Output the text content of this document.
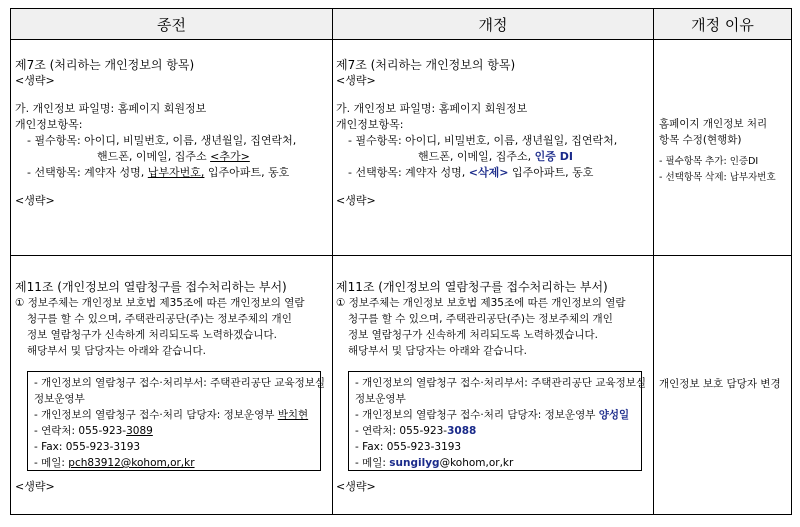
종전	개정	개정 이유
제7조 (처리하는 개인정보의 항목)
<생략>
가. 개인정보 파일명: 홈페이지 회원정보
개인정보항목:
- 필수항목: 아이디, 비밀번호, 이름, 생년월일, 집연락처,
핸드폰, 이메일, 집주소 <추가>
- 선택항목: 계약자 성명, 납부자번호, 입주아파트, 동호
<생략>
제7조 (처리하는 개인정보의 항목)
<생략>
가. 개인정보 파일명: 홈페이지 회원정보
개인정보항목:
- 필수항목: 아이디, 비밀번호, 이름, 생년월일, 집연락처,
핸드폰, 이메일, 집주소, 인증 DI
- 선택항목: 계약자 성명, <삭제> 입주아파트, 동호
<생략>
홈페이지 개인정보 처리
항목 수정(현행화)
- 필수항목 추가: 인증DI
- 선택항목 삭제: 납부자번호
제11조 (개인정보의 열람청구를 접수처리하는 부서)
① 정보주체는 개인정보 보호법 제35조에 따른 개인정보의 열람
청구를 할 수 있으며, 주택관리공단(주)는 정보주체의 개인
정보 열람청구가 신속하게 처리되도록 노력하겠습니다.
해당부서 및 담당자는 아래와 같습니다.
- 개인정보의 열람청구 접수·처리부서: 주택관리공단 교육정보실
정보운영부
- 개인정보의 열람청구 접수·처리 담당자: 정보운영부 박치현
- 연락처: 055-923-3089
- Fax: 055-923-3193
- 메일: pch83912@kohom,or,kr
<생략>
제11조 (개인정보의 열람청구를 접수처리하는 부서)
① 정보주체는 개인정보 보호법 제35조에 따른 개인정보의 열람
청구를 할 수 있으며, 주택관리공단(주)는 정보주체의 개인
정보 열람청구가 신속하게 처리되도록 노력하겠습니다.
해당부서 및 담당자는 아래와 같습니다.
- 개인정보의 열람청구 접수·처리부서: 주택관리공단 교육정보실
정보운영부
- 개인정보의 열람청구 접수·처리 담당자: 정보운영부 양성일
- 연락처: 055-923-3088
- Fax: 055-923-3193
- 메일: sungilyg@kohom,or,kr
<생략>
개인정보 보호 담당자 변경
